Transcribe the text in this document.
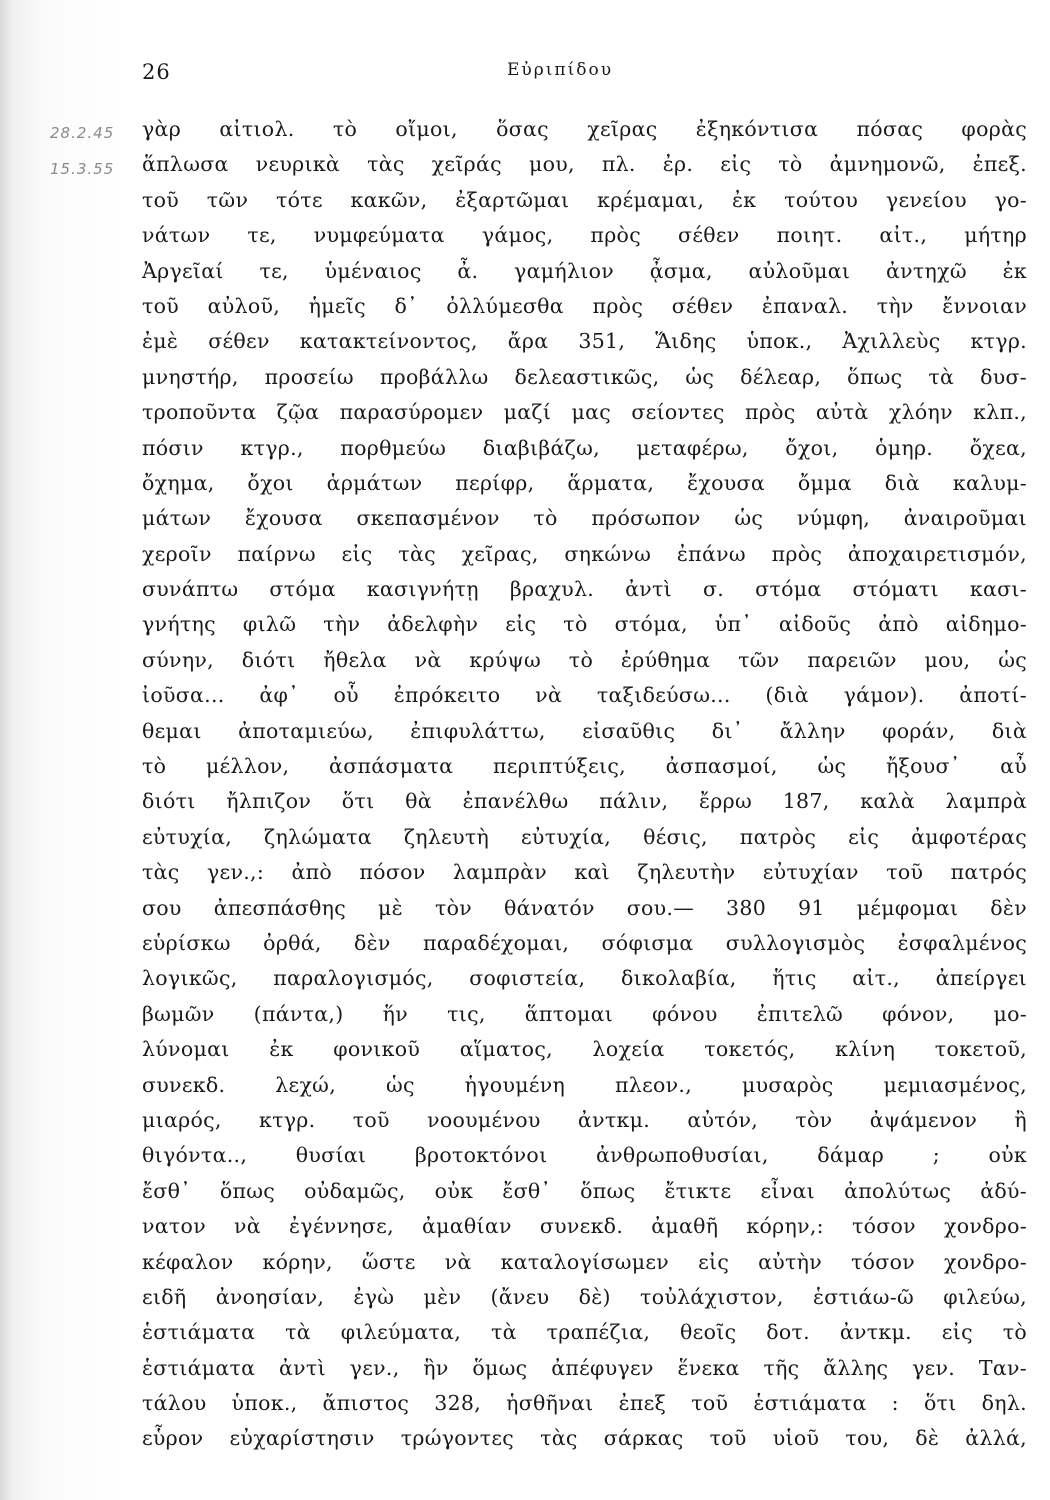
26	Εὐριπίδου
28.2.45
15.3.55
γὰρ αἰτιολ. τὸ οἴμοι, ὅσας χεῖρας ἐξηκόντισα πόσας φορὰς
ἅπλωσα νευρικὰ τὰς χεῖράς μου, πλ. ἐρ. εἰς τὸ ἀμνημονῶ, ἐπεξ.
τοῦ τῶν τότε κακῶν, ἐξαρτῶμαι κρέμαμαι, ἐκ τούτου γενείου γο-
νάτων τε, νυμφεύματα γάμος, πρὸς σέθεν ποιητ. αἰτ., μήτηρ
Ἀργεῖαί τε, ὑμέναιος ἆ. γαμήλιον ᾆσμα, αὐλοῦμαι ἀντηχῶ ἐκ
τοῦ αὐλοῦ, ἡμεῖς δ᾽ ὀλλύμεσθα πρὸς σέθεν ἐπαναλ. τὴν ἔννοιαν
ἐμὲ σέθεν κατακτείνοντος, ἄρα 351, Ἅιδης ὑποκ., Ἀχιλλεὺς κτγρ.
μνηστήρ, προσείω προβάλλω δελεαστικῶς, ὡς δέλεαρ, ὅπως τὰ δυσ-
τροποῦντα ζῷα παρασύρομεν μαζί μας σείοντες πρὸς αὐτὰ χλόην κλπ.,
πόσιν κτγρ., πορθμεύω διαβιβάζω, μεταφέρω, ὄχοι, ὁμηρ. ὄχεα,
ὄχημα, ὄχοι ἁρμάτων περίφρ, ἅρματα, ἔχουσα ὄμμα διὰ καλυμ-
μάτων ἔχουσα σκεπασμένον τὸ πρόσωπον ὡς νύμφη, ἀναιροῦμαι
χεροῖν παίρνω εἰς τὰς χεῖρας, σηκώνω ἐπάνω πρὸς ἀποχαιρετισμόν,
συνάπτω στόμα κασιγνήτῃ βραχυλ. ἀντὶ σ. στόμα στόματι κασι-
γνήτης φιλῶ τὴν ἀδελφὴν εἰς τὸ στόμα, ὑπ᾽ αἰδοῦς ἀπὸ αἰδημο-
σύνην, διότι ἤθελα νὰ κρύψω τὸ ἐρύθημα τῶν παρειῶν μου, ὡς
ἰοῦσα... ἀφ᾽ οὗ ἐπρόκειτο νὰ ταξιδεύσω... (διὰ γάμον). ἀποτί-
θεμαι ἀποταμιεύω, ἐπιφυλάττω, εἰσαῦθις δι᾽ ἄλλην φοράν, διὰ
τὸ μέλλον, ἀσπάσματα περιπτύξεις, ἀσπασμοί, ὡς ἤξουσ᾽ αὖ
διότι ἤλπιζον ὅτι θὰ ἐπανέλθω πάλιν, ἔρρω 187, καλὰ λαμπρὰ
εὐτυχία, ζηλώματα ζηλευτὴ εὐτυχία, θέσις, πατρὸς εἰς ἀμφοτέρας
τὰς γεν.,: ἀπὸ πόσον λαμπρὰν καὶ ζηλευτὴν εὐτυχίαν τοῦ πατρός
σου ἀπεσπάσθης μὲ τὸν θάνατόν σου.— 380 91 μέμφομαι δὲν
εὑρίσκω ὀρθά, δὲν παραδέχομαι, σόφισμα συλλογισμὸς ἐσφαλμένος
λογικῶς, παραλογισμός, σοφιστεία, δικολαβία, ἥτις αἰτ., ἀπείργει
βωμῶν (πάντα,) ἥν τις, ἅπτομαι φόνου ἐπιτελῶ φόνον, μο-
λύνομαι ἐκ φονικοῦ αἵματος, λοχεία τοκετός, κλίνη τοκετοῦ,
συνεκδ. λεχώ, ὡς ἡγουμένη πλεον., μυσαρὸς μεμιασμένος,
μιαρός, κτγρ. τοῦ νοουμένου ἀντκμ. αὐτόν, τὸν ἀψάμενον ἢ
θιγόντα.., θυσίαι βροτοκτόνοι ἀνθρωποθυσίαι, δάμαρ ; οὐκ
ἔσθ᾽ ὅπως οὐδαμῶς, οὐκ ἔσθ᾽ ὅπως ἔτικτε εἶναι ἀπολύτως ἀδύ-
νατον νὰ ἐγέννησε, ἀμαθίαν συνεκδ. ἀμαθῆ κόρην,: τόσον χονδρο-
κέφαλον κόρην, ὥστε νὰ καταλογίσωμεν εἰς αὐτὴν τόσον χονδρο-
ειδῆ ἀνοησίαν, ἐγὼ μὲν (ἄνευ δὲ) τοὐλάχιστον, ἑστιάω-ῶ φιλεύω,
ἑστιάματα τὰ φιλεύματα, τὰ τραπέζια, θεοῖς δοτ. ἀντκμ. εἰς τὸ
ἑστιάματα ἀντὶ γεν., ἣν ὅμως ἀπέφυγεν ἕνεκα τῆς ἄλλης γεν. Ταν-
τάλου ὑποκ., ἄπιστος 328, ἡσθῆναι ἐπεξ τοῦ ἑστιάματα : ὅτι δηλ.
εὗρον εὐχαρίστησιν τρώγοντες τὰς σάρκας τοῦ υἱοῦ του, δὲ ἀλλά,
